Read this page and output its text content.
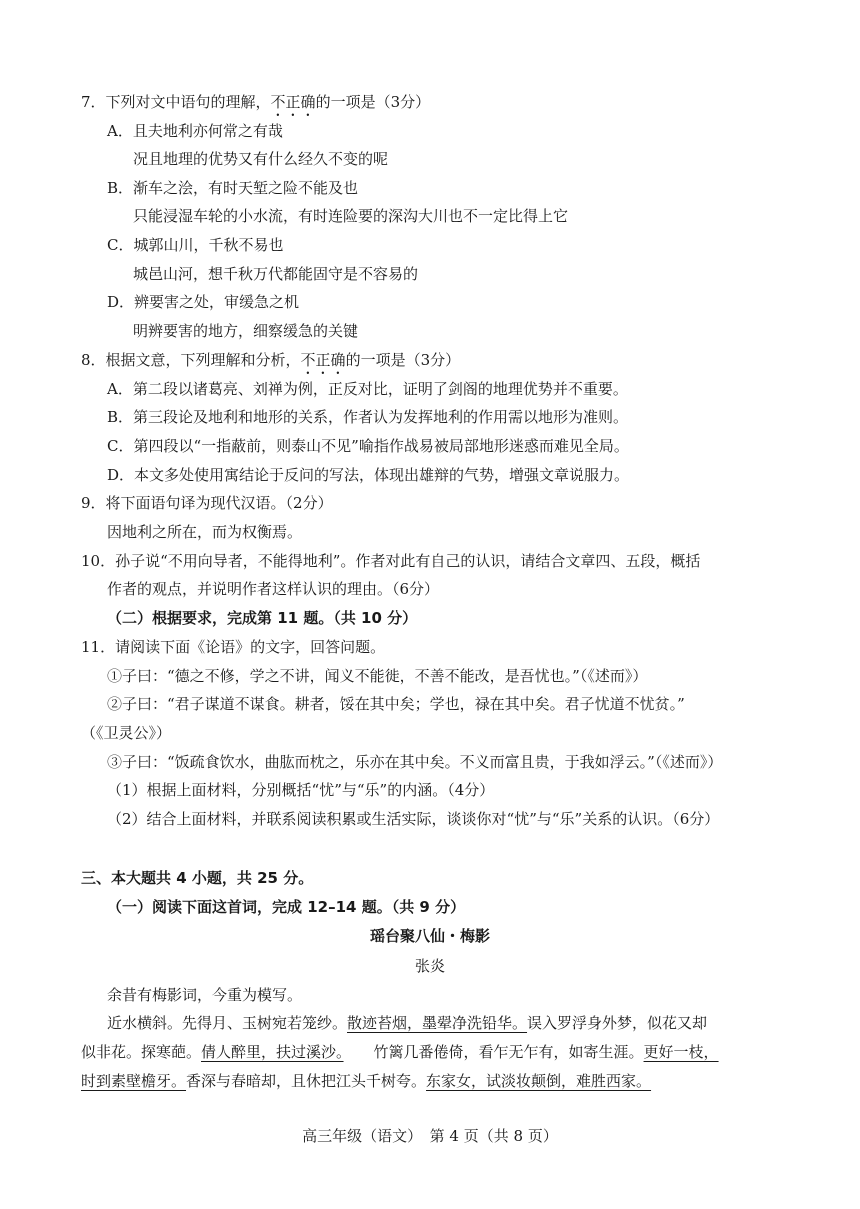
7．下列对文中语句的理解，不正确的一项是（3分）
A．且夫地利亦何常之有哉
况且地理的优势又有什么经久不变的呢
B．渐车之浍，有时天堑之险不能及也
只能浸湿车轮的小水流，有时连险要的深沟大川也不一定比得上它
C．城郭山川，千秋不易也
城邑山河，想千秋万代都能固守是不容易的
D．辨要害之处，审缓急之机
明辨要害的地方，细察缓急的关键
8．根据文意，下列理解和分析，不正确的一项是（3分）
A．第二段以诸葛亮、刘禅为例，正反对比，证明了剑阁的地理优势并不重要。
B．第三段论及地利和地形的关系，作者认为发挥地利的作用需以地形为准则。
C．第四段以“一指蔽前，则泰山不见”喻指作战易被局部地形迷惑而难见全局。
D．本文多处使用寓结论于反问的写法，体现出雄辩的气势，增强文章说服力。
9．将下面语句译为现代汉语。（2分）
因地利之所在，而为权衡焉。
10．孙子说“不用向导者，不能得地利”。作者对此有自己的认识，请结合文章四、五段，概括
作者的观点，并说明作者这样认识的理由。（6分）
（二）根据要求，完成第 11 题。（共 10 分）
11．请阅读下面《论语》的文字，回答问题。
①子曰：“德之不修，学之不讲，闻义不能徙，不善不能改，是吾忧也。”（《述而》）
②子曰：“君子谋道不谋食。耕者，馁在其中矣；学也，禄在其中矣。君子忧道不忧贫。”
（《卫灵公》）
③子曰：“饭疏食饮水，曲肱而枕之，乐亦在其中矣。不义而富且贵，于我如浮云。”（《述而》）
（1）根据上面材料，分别概括“忧”与“乐”的内涵。（4分）
（2）结合上面材料，并联系阅读积累或生活实际，谈谈你对“忧”与“乐”关系的认识。（6分）
三、本大题共 4 小题，共 25 分。
（一）阅读下面这首词，完成 12–14 题。（共 9 分）
瑶台聚八仙・梅影
张炎
余昔有梅影词，今重为模写。
近水横斜。先得月、玉树宛若笼纱。散迹苔烟，墨翚净洗铅华。误入罗浮身外梦，似花又却
似非花。探寒葩。倩人醉里，扶过溪沙。　　竹篱几番倦倚，看乍无乍有，如寄生涯。更好一枝，
时到素壁檐牙。香深与春暗却，且休把江头千树夸。东家女，试淡妆颠倒，难胜西家。
高三年级（语文）　第 4 页（共 8 页）
